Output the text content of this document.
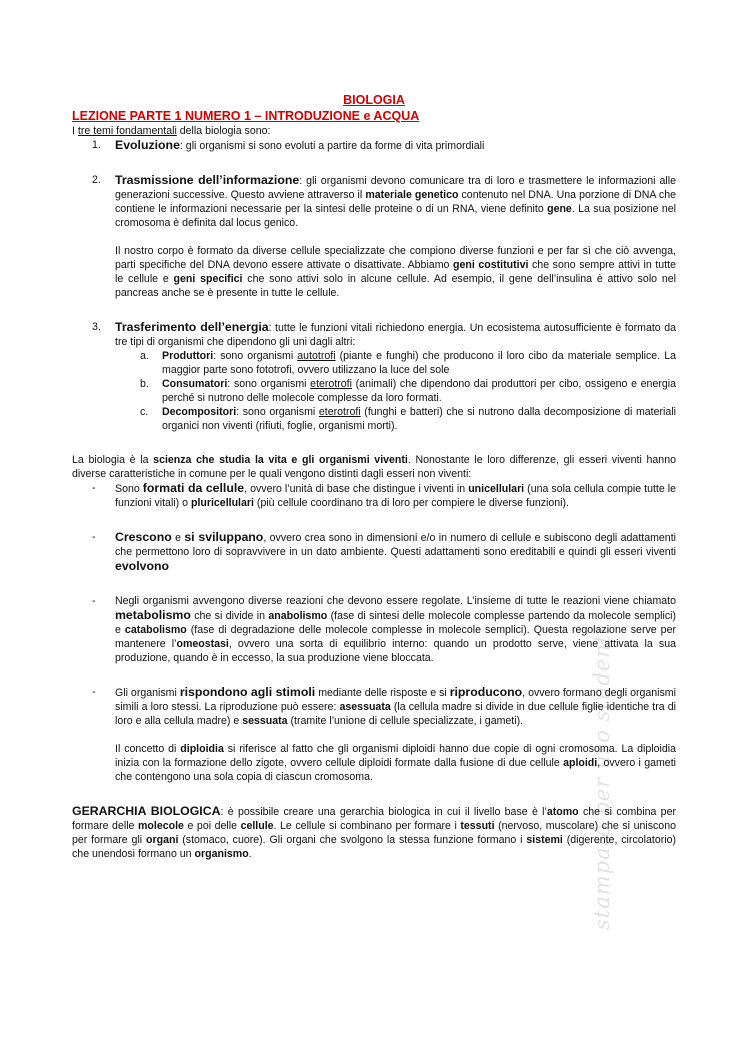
stampato per uso studenti
BIOLOGIA
LEZIONE PARTE 1 NUMERO 1 – INTRODUZIONE e ACQUA

I tre temi fondamentali della biologia sono:

1. Evoluzione: gli organismi si sono evoluti a partire da forme di vita primordiali

2. Trasmissione dell’informazione: gli organismi devono comunicare tra di loro e trasmettere le informazioni alle generazioni successive. Questo avviene attraverso il materiale genetico contenuto nel DNA. Una porzione di DNA che contiene le informazioni necessarie per la sintesi delle proteine o di un RNA, viene definito gene. La sua posizione nel cromosoma è definita dal locus genico.

Il nostro corpo è formato da diverse cellule specializzate che compiono diverse funzioni e per far sì che ciò avvenga, parti specifiche del DNA devono essere attivate o disattivate. Abbiamo geni costitutivi che sono sempre attivi in tutte le cellule e geni specifici che sono attivi solo in alcune cellule. Ad esempio, il gene dell’insulina è attivo solo nel pancreas anche se è presente in tutte le cellule.

3. Trasferimento dell’energia: tutte le funzioni vitali richiedono energia. Un ecosistema autosufficiente è formato da tre tipi di organismi che dipendono gli uni dagli altri:

a. Produttori: sono organismi autotrofi (piante e funghi) che producono il loro cibo da materiale semplice. La maggior parte sono fototrofi, ovvero utilizzano la luce del sole

b. Consumatori: sono organismi eterotrofi (animali) che dipendono dai produttori per cibo, ossigeno e energia perché si nutrono delle molecole complesse da loro formati.

c. Decompositori: sono organismi eterotrofi (funghi e batteri) che si nutrono dalla decomposizione di materiali organici non viventi (rifiuti, foglie, organismi morti).

La biologia è la scienza che studia la vita e gli organismi viventi. Nonostante le loro differenze, gli esseri viventi hanno diverse caratteristiche in comune per le quali vengono distinti dagli esseri non viventi:

- Sono formati da cellule, ovvero l’unità di base che distingue i viventi in unicellulari (una sola cellula compie tutte le funzioni vitali) o pluricellulari (più cellule coordinano tra di loro per compiere le diverse funzioni).

- Crescono e si sviluppano, ovvero crea sono in dimensioni e/o in numero di cellule e subiscono degli adattamenti che permettono loro di sopravvivere in un dato ambiente. Questi adattamenti sono ereditabili e quindi gli esseri viventi evolvono

- Negli organismi avvengono diverse reazioni che devono essere regolate. L’insieme di tutte le reazioni viene chiamato metabolismo che si divide in anabolismo (fase di sintesi delle molecole complesse partendo da molecole semplici) e catabolismo (fase di degradazione delle molecole complesse in molecole semplici). Questa regolazione serve per mantenere l’omeostasi, ovvero una sorta di equilibrio interno: quando un prodotto serve, viene attivata la sua produzione, quando è in eccesso, la sua produzione viene bloccata.

- Gli organismi rispondono agli stimoli mediante delle risposte e si riproducono, ovvero formano degli organismi simili a loro stessi. La riproduzione può essere: asessuata (la cellula madre si divide in due cellule figlie identiche tra di loro e alla cellula madre) e sessuata (tramite l’unione di cellule specializzate, i gameti).

Il concetto di diploidia si riferisce al fatto che gli organismi diploidi hanno due copie di ogni cromosoma. La diploidia inizia con la formazione dello zigote, ovvero cellule diploidi formate dalla fusione di due cellule aploidi, ovvero i gameti che contengono una sola copia di ciascun cromosoma.

GERARCHIA BIOLOGICA: è possibile creare una gerarchia biologica in cui il livello base è l’atomo che si combina per formare delle molecole e poi delle cellule. Le cellule si combinano per formare i tessuti (nervoso, muscolare) che si uniscono per formare gli organi (stomaco, cuore). Gli organi che svolgono la stessa funzione formano i sistemi (digerente, circolatorio) che unendosi formano un organismo.
